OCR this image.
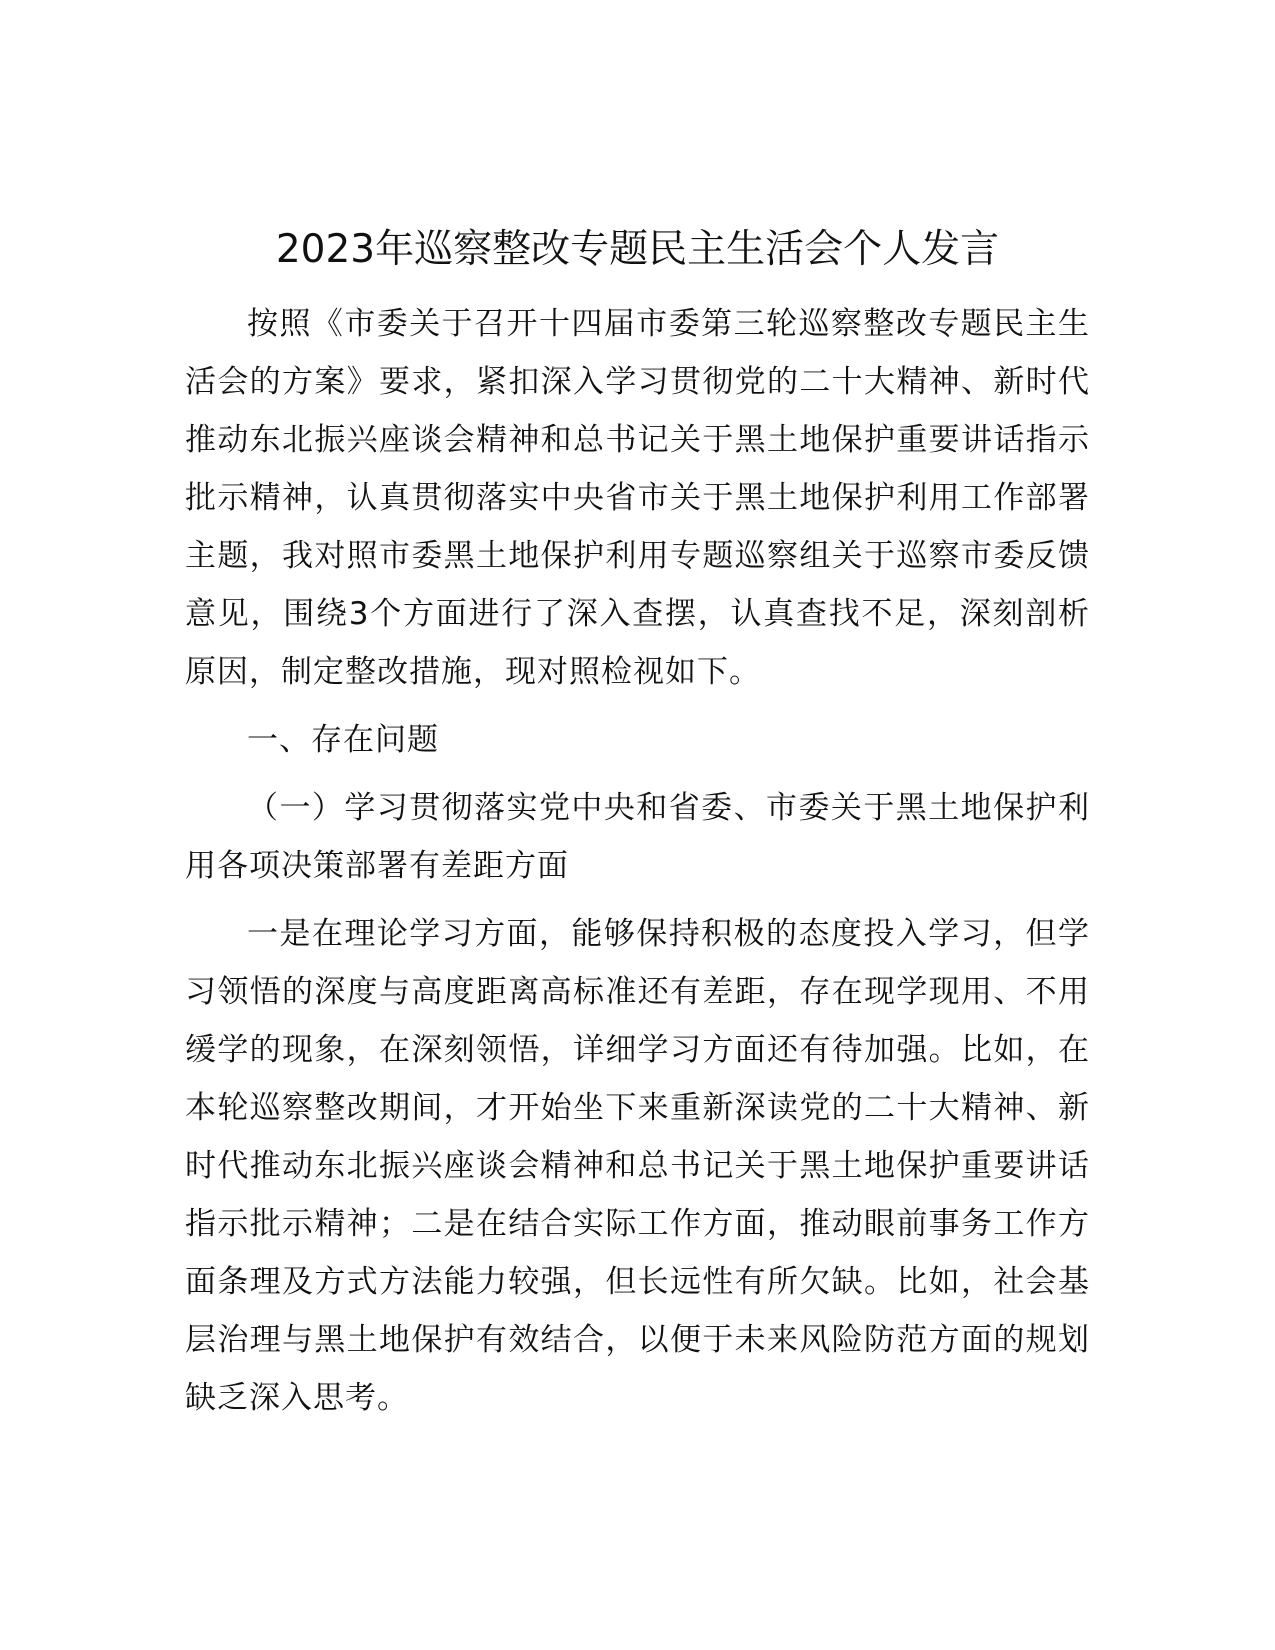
2023年巡察整改专题民主生活会个人发言

按照《市委关于召开十四届市委第三轮巡察整改专题民主生活会的方案》要求，紧扣深入学习贯彻党的二十大精神、新时代推动东北振兴座谈会精神和总书记关于黑土地保护重要讲话指示批示精神，认真贯彻落实中央省市关于黑土地保护利用工作部署主题，我对照市委黑土地保护利用专题巡察组关于巡察市委反馈意见，围绕3个方面进行了深入查摆，认真查找不足，深刻剖析原因，制定整改措施，现对照检视如下。

一、存在问题

（一）学习贯彻落实党中央和省委、市委关于黑土地保护利用各项决策部署有差距方面

一是在理论学习方面，能够保持积极的态度投入学习，但学习领悟的深度与高度距离高标准还有差距，存在现学现用、不用缓学的现象，在深刻领悟，详细学习方面还有待加强。比如，在本轮巡察整改期间，才开始坐下来重新深读党的二十大精神、新时代推动东北振兴座谈会精神和总书记关于黑土地保护重要讲话指示批示精神；二是在结合实际工作方面，推动眼前事务工作方面条理及方式方法能力较强，但长远性有所欠缺。比如，社会基层治理与黑土地保护有效结合，以便于未来风险防范方面的规划缺乏深入思考。
